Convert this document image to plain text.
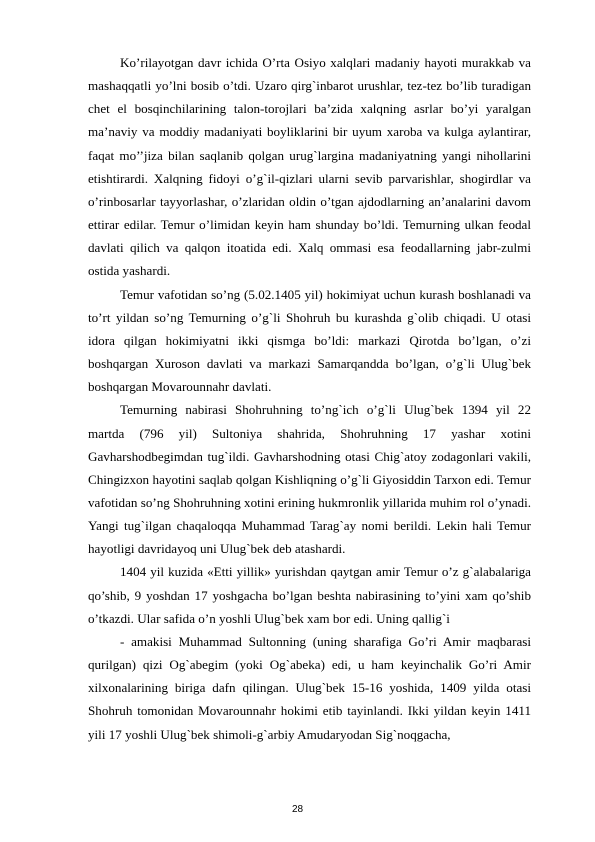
Ko’rilayotgan davr ichida O’rta Osiyo xalqlari madaniy hayoti murakkab va mashaqqatli yo’lni bosib o’tdi. Uzaro qirg`inbarot urushlar, tez-tez bo’lib turadigan chet el bosqinchilarining talon-torojlari ba’zida xalqning asrlar bo’yi yaralgan ma’naviy va moddiy madaniyati boyliklarini bir uyum xaroba va kulga aylantirar, faqat mo’’jiza bilan saqlanib qolgan urug`largina madaniyatning yangi nihollarini etishtirardi. Xalqning fidoyi o’g`il-qizlari ularni sevib parvarishlar, shogirdlar va o’rinbosarlar tayyorlashar, o’zlaridan oldin o’tgan ajdodlarning an’analarini davom ettirar edilar. Temur o’limidan keyin ham shunday bo’ldi. Temurning ulkan feodal davlati qilich va qalqon itoatida edi. Xalq ommasi esa feodallarning jabr-zulmi ostida yashardi.

Temur vafotidan so’ng (5.02.1405 yil) hokimiyat uchun kurash boshlanadi va to’rt yildan so’ng Temurning o’g`li Shohruh bu kurashda g`olib chiqadi. U otasi idora qilgan hokimiyatni ikki qismga bo’ldi: markazi Qirotda bo’lgan, o’zi boshqargan Xuroson davlati va markazi Samarqandda bo’lgan, o’g`li Ulug`bek boshqargan Movarounnahr davlati.

Temurning nabirasi Shohruhning to’ng`ich o’g`li Ulug`bek 1394 yil 22 martda (796 yil) Sultoniya shahrida, Shohruhning 17 yashar xotini Gavharshodbegimdan tug`ildi. Gavharshodning otasi Chig`atoy zodagonlari vakili, Chingizxon hayotini saqlab qolgan Kishliqning o’g`li Giyosiddin Tarxon edi. Temur vafotidan so’ng Shohruhning xotini erining hukmronlik yillarida muhim rol o’ynadi. Yangi tug`ilgan chaqaloqqa Muhammad Tarag`ay nomi berildi. Lekin hali Temur hayotligi davridayoq uni Ulug`bek deb atashardi.

1404 yil kuzida «Etti yillik» yurishdan qaytgan amir Temur o’z g`alabalariga qo’shib, 9 yoshdan 17 yoshgacha bo’lgan beshta nabirasining to’yini xam qo’shib o’tkazdi. Ular safida o’n yoshli Ulug`bek xam bor edi. Uning qallig`i

- amakisi Muhammad Sultonning (uning sharafiga Go’ri Amir maqbarasi qurilgan) qizi Og`abegim (yoki Og`abeka) edi, u ham keyinchalik Go’ri Amir xilxonalarining biriga dafn qilingan. Ulug`bek 15-16 yoshida, 1409 yilda otasi Shohruh tomonidan Movarounnahr hokimi etib tayinlandi. Ikki yildan keyin 1411 yili 17 yoshli Ulug`bek shimoli-g`arbiy Amudaryodan Sig`noqgacha,

28
